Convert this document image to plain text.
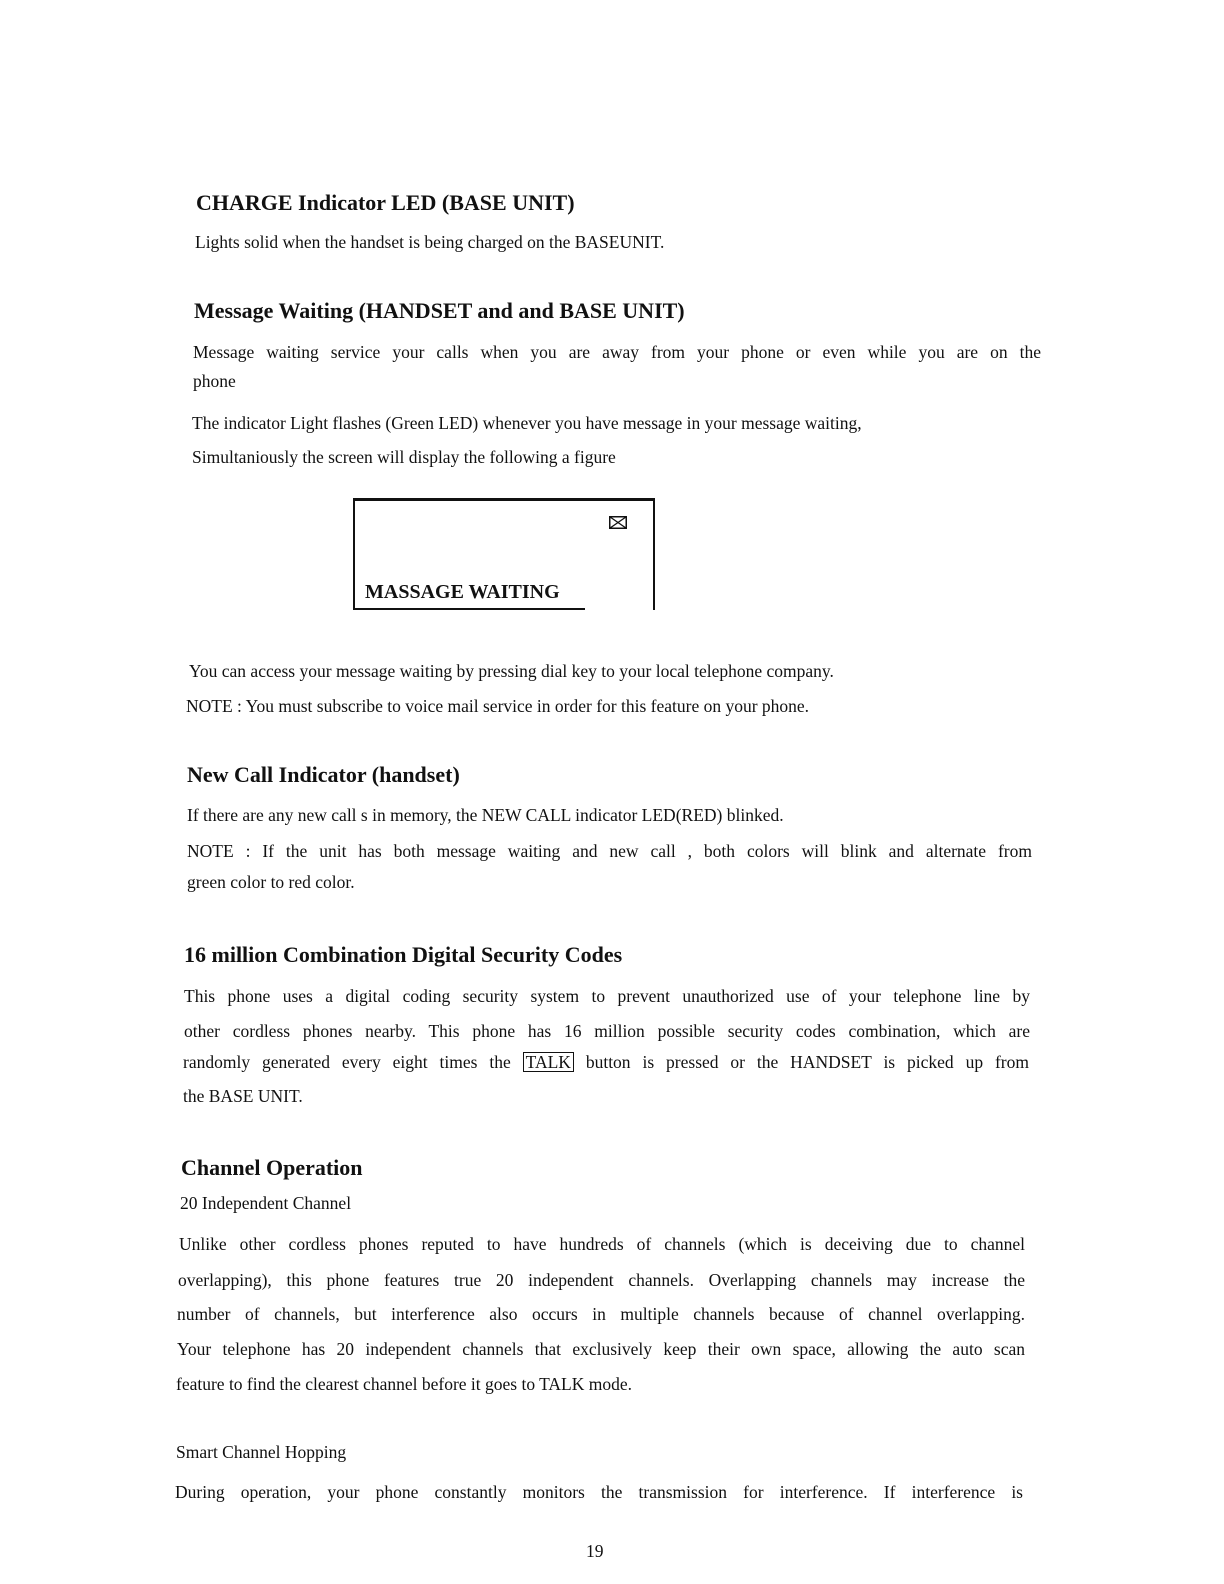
CHARGE Indicator LED (BASE UNIT)
Lights solid when the handset is being charged on the BASEUNIT.
Message Waiting (HANDSET and and BASE UNIT)
Message waiting service your calls when you are away from your phone or even while you are on the
phone
The indicator Light flashes (Green LED) whenever you have message in your message waiting,
Simultaniously the screen will display the following a figure
MASSAGE WAITING
You can access your message waiting by pressing dial key to your local telephone company.
NOTE : You must subscribe to voice mail service in order for this feature on your phone.
New Call Indicator (handset)
If there are any new call s in memory, the NEW CALL indicator LED(RED) blinked.
NOTE : If the unit has both message waiting and new call , both colors will blink and alternate from
green color to red color.
16 million Combination Digital Security Codes
This phone uses a digital coding security system to prevent unauthorized use of your telephone line by
other cordless phones nearby. This phone has 16 million possible security codes combination, which are
randomly generated every eight times the TALK button is pressed or the HANDSET is picked up from
the BASE UNIT.
Channel Operation
20 Independent Channel
Unlike other cordless phones reputed to have hundreds of channels (which is deceiving due to channel
overlapping), this phone features true 20 independent channels. Overlapping channels may increase the
number of channels, but interference also occurs in multiple channels because of channel overlapping.
Your telephone has 20 independent channels that exclusively keep their own space, allowing the auto scan
feature to find the clearest channel before it goes to TALK mode.
Smart Channel Hopping
During operation, your phone constantly monitors the transmission for interference. If interference is
19
